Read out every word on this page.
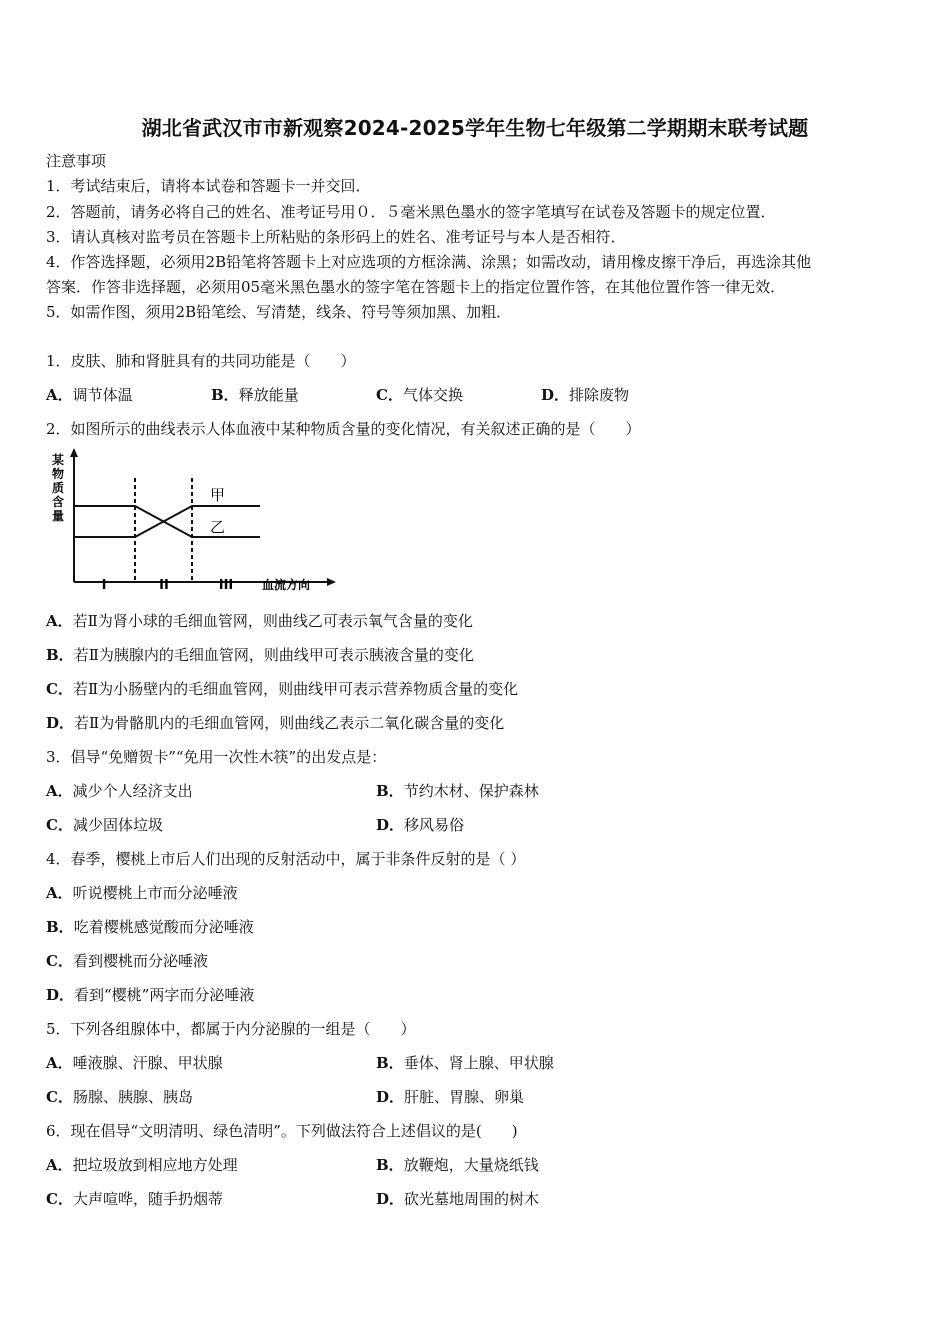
湖北省武汉市市新观察2024-2025学年生物七年级第二学期期末联考试题
注意事项
1．考试结束后，请将本试卷和答题卡一并交回．
2．答题前，请务必将自己的姓名、准考证号用０．５毫米黑色墨水的签字笔填写在试卷及答题卡的规定位置．
3．请认真核对监考员在答题卡上所粘贴的条形码上的姓名、准考证号与本人是否相符．
4．作答选择题，必须用2B铅笔将答题卡上对应选项的方框涂满、涂黑；如需改动，请用橡皮擦干净后，再选涂其他
答案．作答非选择题，必须用05毫米黑色墨水的签字笔在答题卡上的指定位置作答，在其他位置作答一律无效．
5．如需作图，须用2B铅笔绘、写清楚，线条、符号等须加黑、加粗．
1．皮肤、肺和肾脏具有的共同功能是（　　）
A．调节体温	B．释放能量	C．气体交换	D．排除废物
2．如图所示的曲线表示人体血液中某种物质含量的变化情况，有关叙述正确的是（　　）
某
物
质
含
量
甲
乙
I	II	III 血流方向
A．若Ⅱ为肾小球的毛细血管网，则曲线乙可表示氧气含量的变化
B．若Ⅱ为胰腺内的毛细血管网，则曲线甲可表示胰液含量的变化
C．若Ⅱ为小肠壁内的毛细血管网，则曲线甲可表示营养物质含量的变化
D．若Ⅱ为骨骼肌内的毛细血管网，则曲线乙表示二氧化碳含量的变化
3．倡导“免赠贺卡”“免用一次性木筷”的出发点是：
A．减少个人经济支出	B．节约木材、保护森林
C．减少固体垃圾	D．移风易俗
4．春季，樱桃上市后人们出现的反射活动中，属于非条件反射的是（ ）
A．听说樱桃上市而分泌唾液
B．吃着樱桃感觉酸而分泌唾液
C．看到樱桃而分泌唾液
D．看到“樱桃”两字而分泌唾液
5．下列各组腺体中，都属于内分泌腺的一组是（　　）
A．唾液腺、汗腺、甲状腺	B．垂体、肾上腺、甲状腺
C．肠腺、胰腺、胰岛	D．肝脏、胃腺、卵巢
6．现在倡导“文明清明、绿色清明”。下列做法符合上述倡议的是(　　)
A．把垃圾放到相应地方处理	B．放鞭炮，大量烧纸钱
C．大声喧哗，随手扔烟蒂	D．砍光墓地周围的树木
